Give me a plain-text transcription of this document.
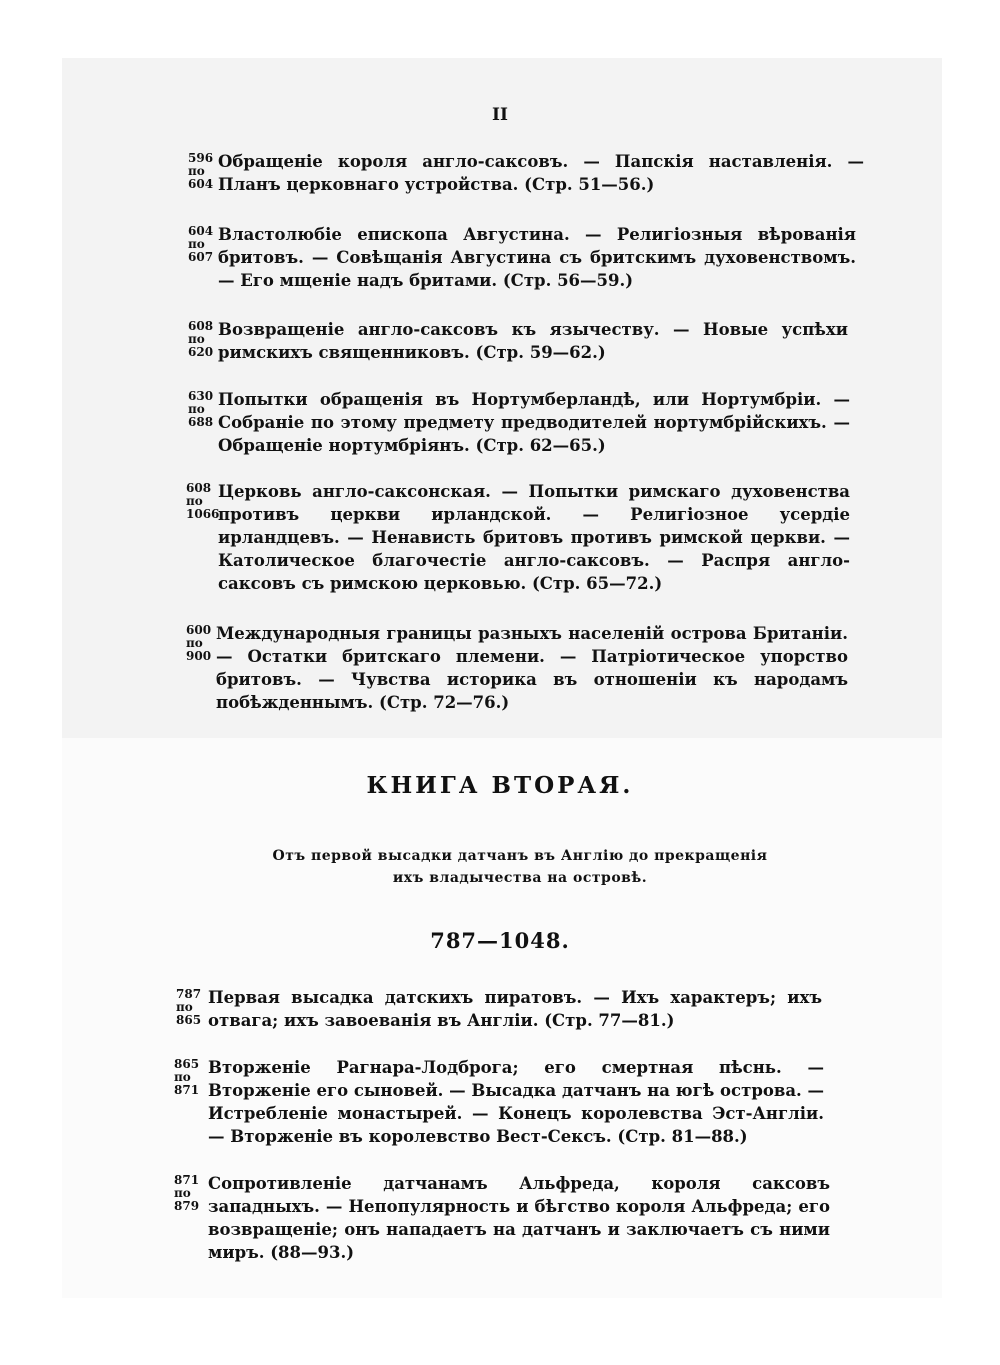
II
596
по
604
Обращеніе короля англо-саксовъ. — Папскія наставленія. — Планъ церковнаго устройства. (Стр. 51—56.)
604
по
607
Властолюбіе епископа Августина. — Религіозныя вѣрованія бритовъ. — Совѣщанія Августина съ бритскимъ духовенствомъ. — Его мщеніе надъ бритами. (Стр. 56—59.)
608
по
620
Возвращеніе англо-саксовъ къ язычеству. — Новые успѣхи римскихъ священниковъ. (Стр. 59—62.)
630
по
688
Попытки обращенія въ Нортумберландѣ, или Нортумбріи. — Собраніе по этому предмету предводителей нортумбрійскихъ. — Обращеніе нортумбріянъ. (Стр. 62—65.)
608
по
1066
Церковь англо-саксонская. — Попытки римскаго духовенства противъ церкви ирландской. — Религіозное усердіе ирландцевъ. — Ненависть бритовъ противъ римской церкви. — Католическое благочестіе англо-саксовъ. — Распря англо-саксовъ съ римскою церковью. (Стр. 65—72.)
600
по
900
Международныя границы разныхъ населеній острова Британіи. — Остатки бритскаго племени. — Патріотическое упорство бритовъ. — Чувства историка въ отношеніи къ народамъ побѣжденнымъ. (Стр. 72—76.)
КНИГА ВТОРАЯ.
Отъ первой высадки датчанъ въ Англію до прекращенія
ихъ владычества на островѣ.
787—1048.
787
по
865
Первая высадка датскихъ пиратовъ. — Ихъ характеръ; ихъ отвага; ихъ завоеванія въ Англіи. (Стр. 77—81.)
865
по
871
Вторженіе Рагнара-Лодброга; его смертная пѣснь. — Вторженіе его сыновей. — Высадка датчанъ на югѣ острова. — Истребленіе монастырей. — Конецъ королевства Эст-Англіи. — Вторженіе въ королевство Вест-Сексъ. (Стр. 81—88.)
871
по
879
Сопротивленіе датчанамъ Альфреда, короля саксовъ западныхъ. — Непопулярность и бѣгство короля Альфреда; его возвращеніе; онъ нападаетъ на датчанъ и заключаетъ съ ними миръ. (88—93.)
